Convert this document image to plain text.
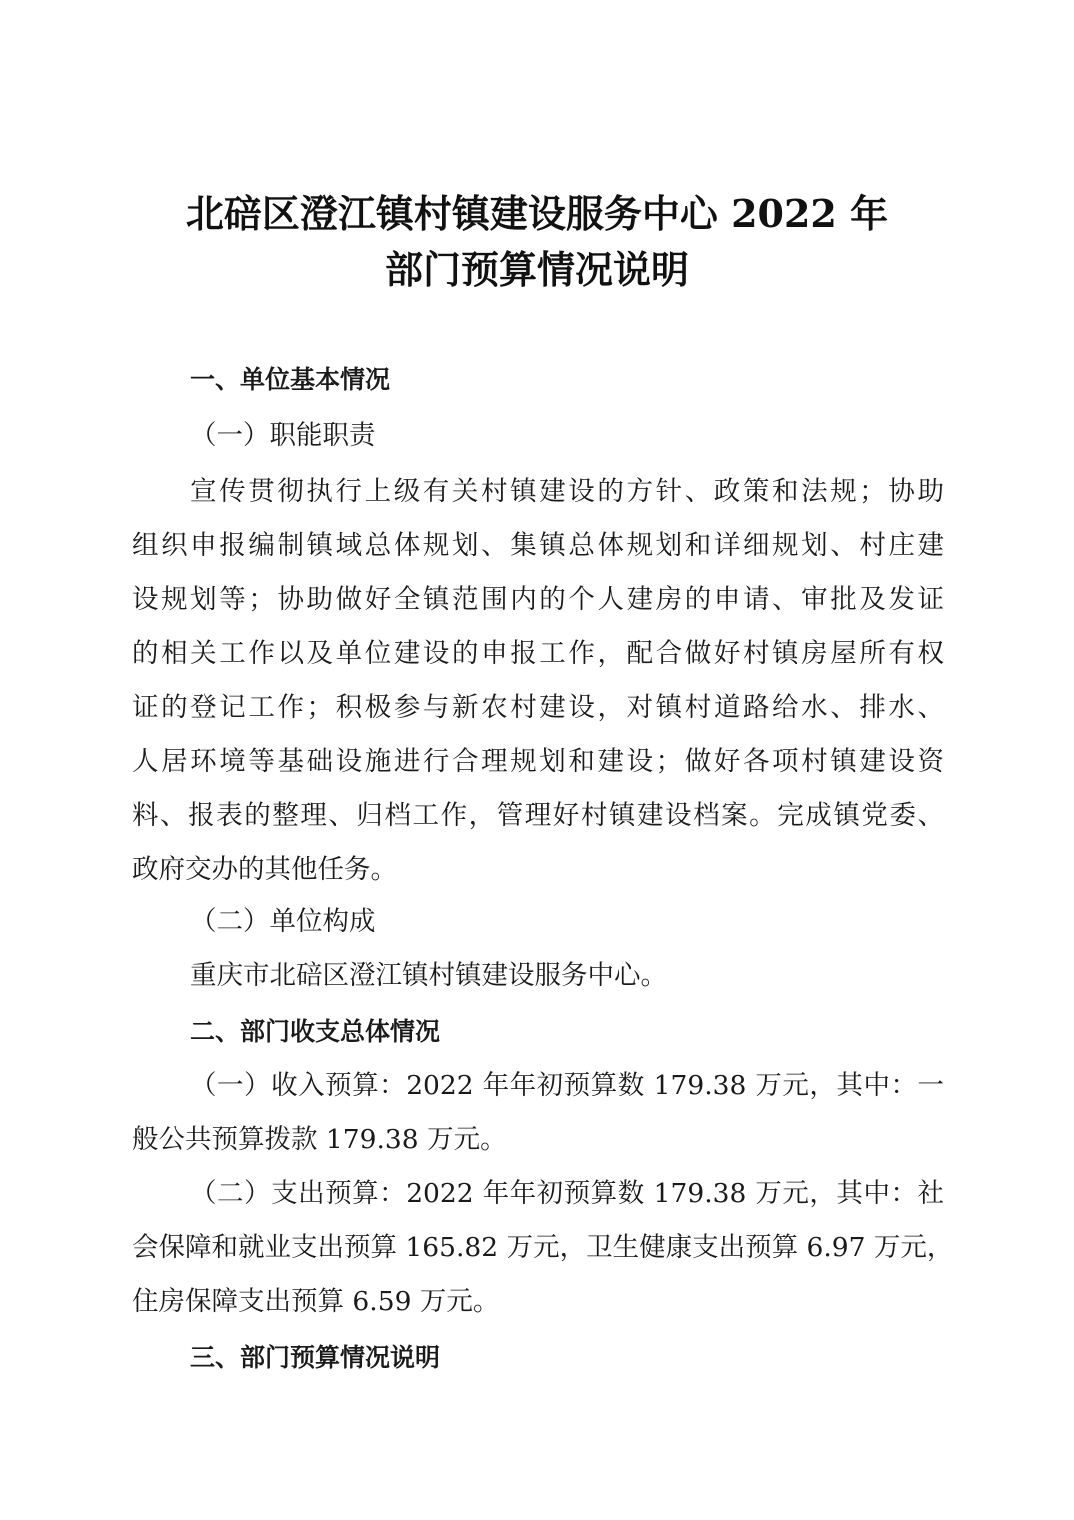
北碚区澄江镇村镇建设服务中心 2022 年
部门预算情况说明
一、单位基本情况
（一）职能职责
宣传贯彻执行上级有关村镇建设的方针、政策和法规；协助
组织申报编制镇域总体规划、集镇总体规划和详细规划、村庄建
设规划等；协助做好全镇范围内的个人建房的申请、审批及发证
的相关工作以及单位建设的申报工作，配合做好村镇房屋所有权
证的登记工作；积极参与新农村建设，对镇村道路给水、排水、
人居环境等基础设施进行合理规划和建设；做好各项村镇建设资
料、报表的整理、归档工作，管理好村镇建设档案。完成镇党委、
政府交办的其他任务。
（二）单位构成
重庆市北碚区澄江镇村镇建设服务中心。
二、部门收支总体情况
（一）收入预算：2022 年年初预算数 179.38 万元，其中：一
般公共预算拨款 179.38 万元。
（二）支出预算：2022 年年初预算数 179.38 万元，其中：社
会保障和就业支出预算 165.82 万元，卫生健康支出预算 6.97 万元，
住房保障支出预算 6.59 万元。
三、部门预算情况说明
